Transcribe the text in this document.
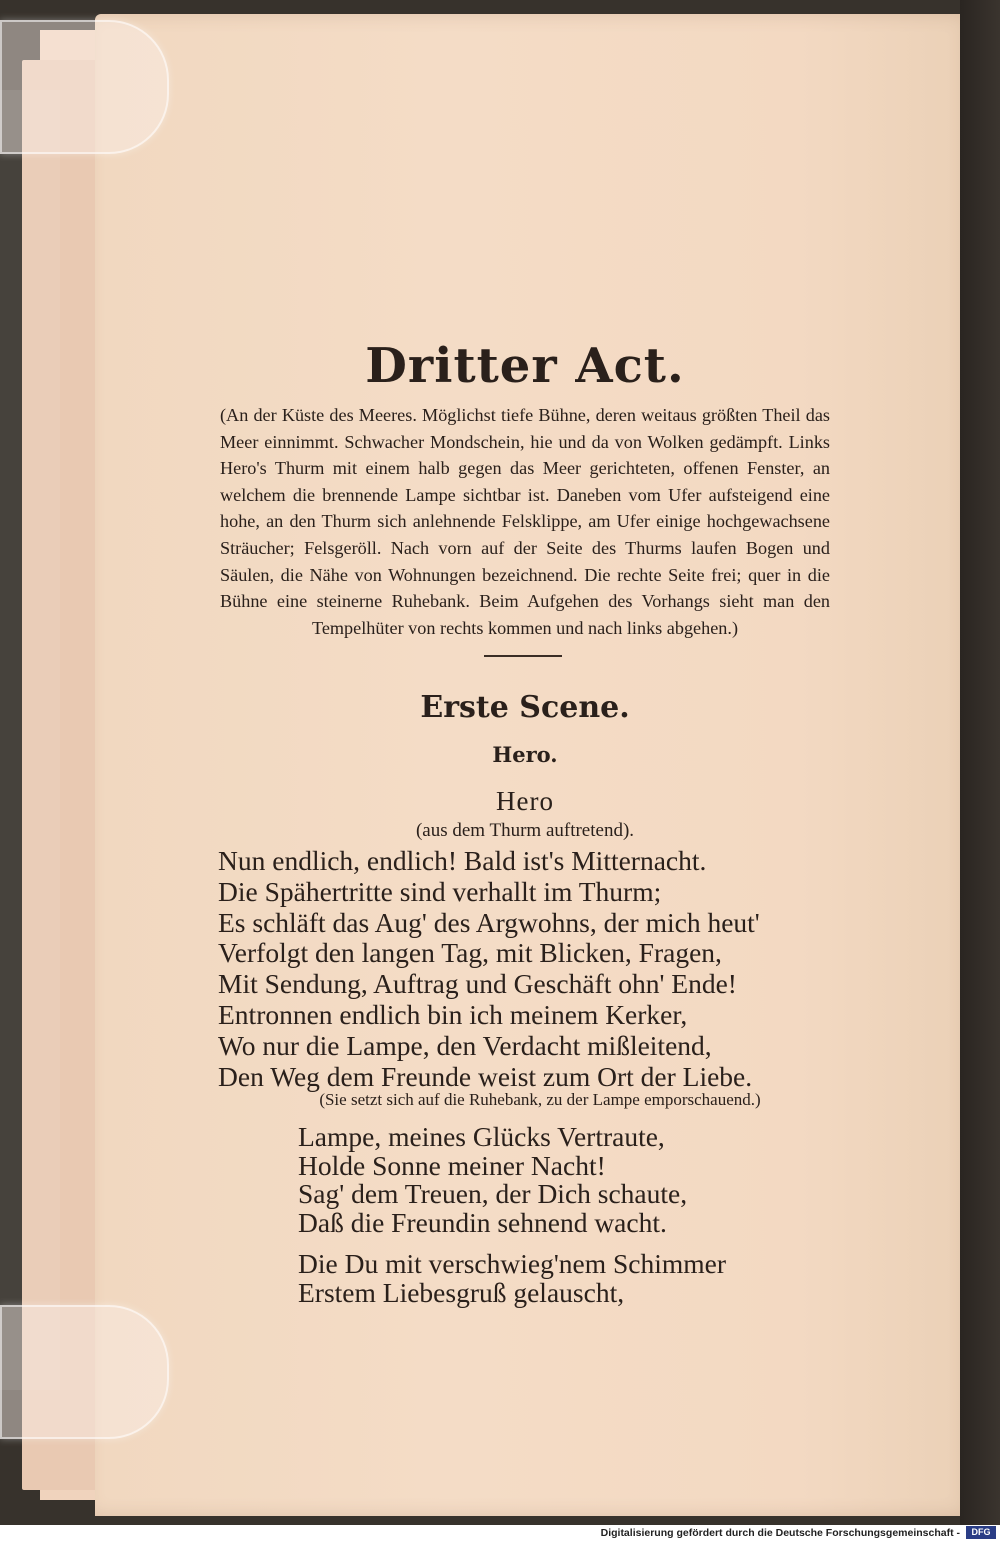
Dritter Act.
(An der Küste des Meeres. Möglichst tiefe Bühne, deren weitaus größten Theil das Meer einnimmt. Schwacher Mondschein, hie und da von Wolken gedämpft. Links Hero's Thurm mit einem halb gegen das Meer gerichteten, offenen Fenster, an welchem die brennende Lampe sichtbar ist. Daneben vom Ufer aufsteigend eine hohe, an den Thurm sich anlehnende Felsklippe, am Ufer einige hochgewachsene Sträucher; Felsgeröll. Nach vorn auf der Seite des Thurms laufen Bogen und Säulen, die Nähe von Wohnungen bezeichnend. Die rechte Seite frei; quer in die Bühne eine steinerne Ruhebank. Beim Aufgehen des Vorhangs sieht man den Tempelhüter von rechts kommen und nach links abgehen.)
Erste Scene.
Hero.
Hero
(aus dem Thurm auftretend).
Nun endlich, endlich! Bald ist's Mitternacht.
Die Spähertritte sind verhallt im Thurm;
Es schläft das Aug' des Argwohns, der mich heut'
Verfolgt den langen Tag, mit Blicken, Fragen,
Mit Sendung, Auftrag und Geschäft ohn' Ende!
Entronnen endlich bin ich meinem Kerker,
Wo nur die Lampe, den Verdacht mißleitend,
Den Weg dem Freunde weist zum Ort der Liebe.
(Sie setzt sich auf die Ruhebank, zu der Lampe emporschauend.)
Lampe, meines Glücks Vertraute,
Holde Sonne meiner Nacht!
Sag' dem Treuen, der Dich schaute,
Daß die Freundin sehnend wacht.
Die Du mit verschwieg'nem Schimmer
Erstem Liebesgruß gelauscht,
Digitalisierung gefördert durch die Deutsche Forschungsgemeinschaft -	DFG
